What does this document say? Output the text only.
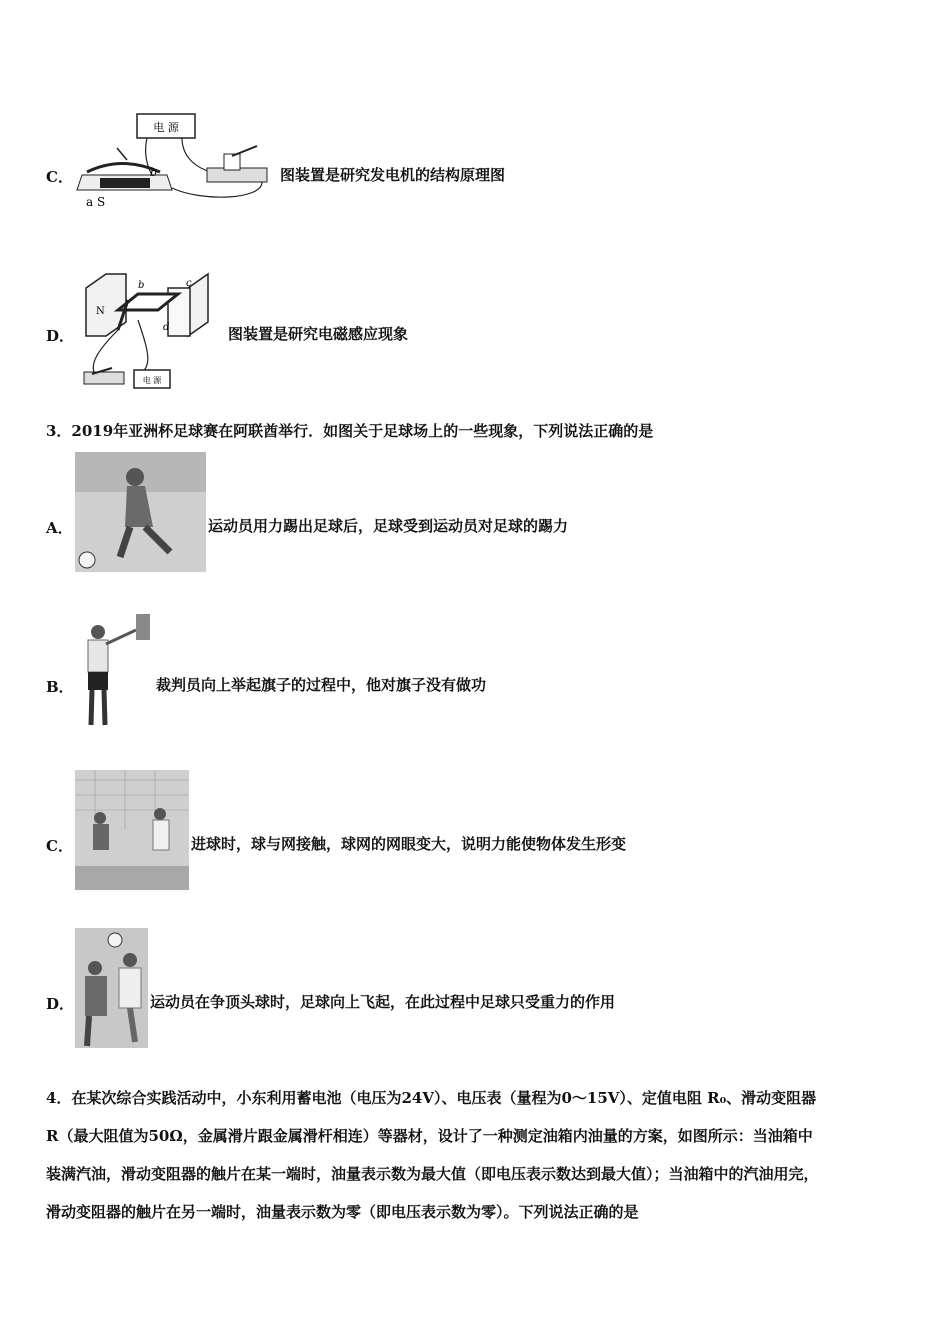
C．
电 源
a S
b	图装置是研究发电机的结构原理图
D．
b	c
d
N
电 源
图装置是研究电磁感应现象
3．2019年亚洲杯足球赛在阿联酋举行．如图关于足球场上的一些现象，下列说法正确的是
A．	运动员用力踢出足球后，足球受到运动员对足球的踢力
B．	裁判员向上举起旗子的过程中，他对旗子没有做功
C．	进球时，球与网接触，球网的网眼变大，说明力能使物体发生形变
D．	运动员在争顶头球时，足球向上飞起，在此过程中足球只受重力的作用
4．在某次综合实践活动中，小东利用蓄电池（电压为24V）、电压表（量程为0～15V）、定值电阻 R₀、滑动变阻器
R（最大阻值为50Ω，金属滑片跟金属滑杆相连）等器材，设计了一种测定油箱内油量的方案，如图所示：当油箱中
装满汽油，滑动变阻器的触片在某一端时，油量表示数为最大值（即电压表示数达到最大值）；当油箱中的汽油用完，
滑动变阻器的触片在另一端时，油量表示数为零（即电压表示数为零）。下列说法正确的是
